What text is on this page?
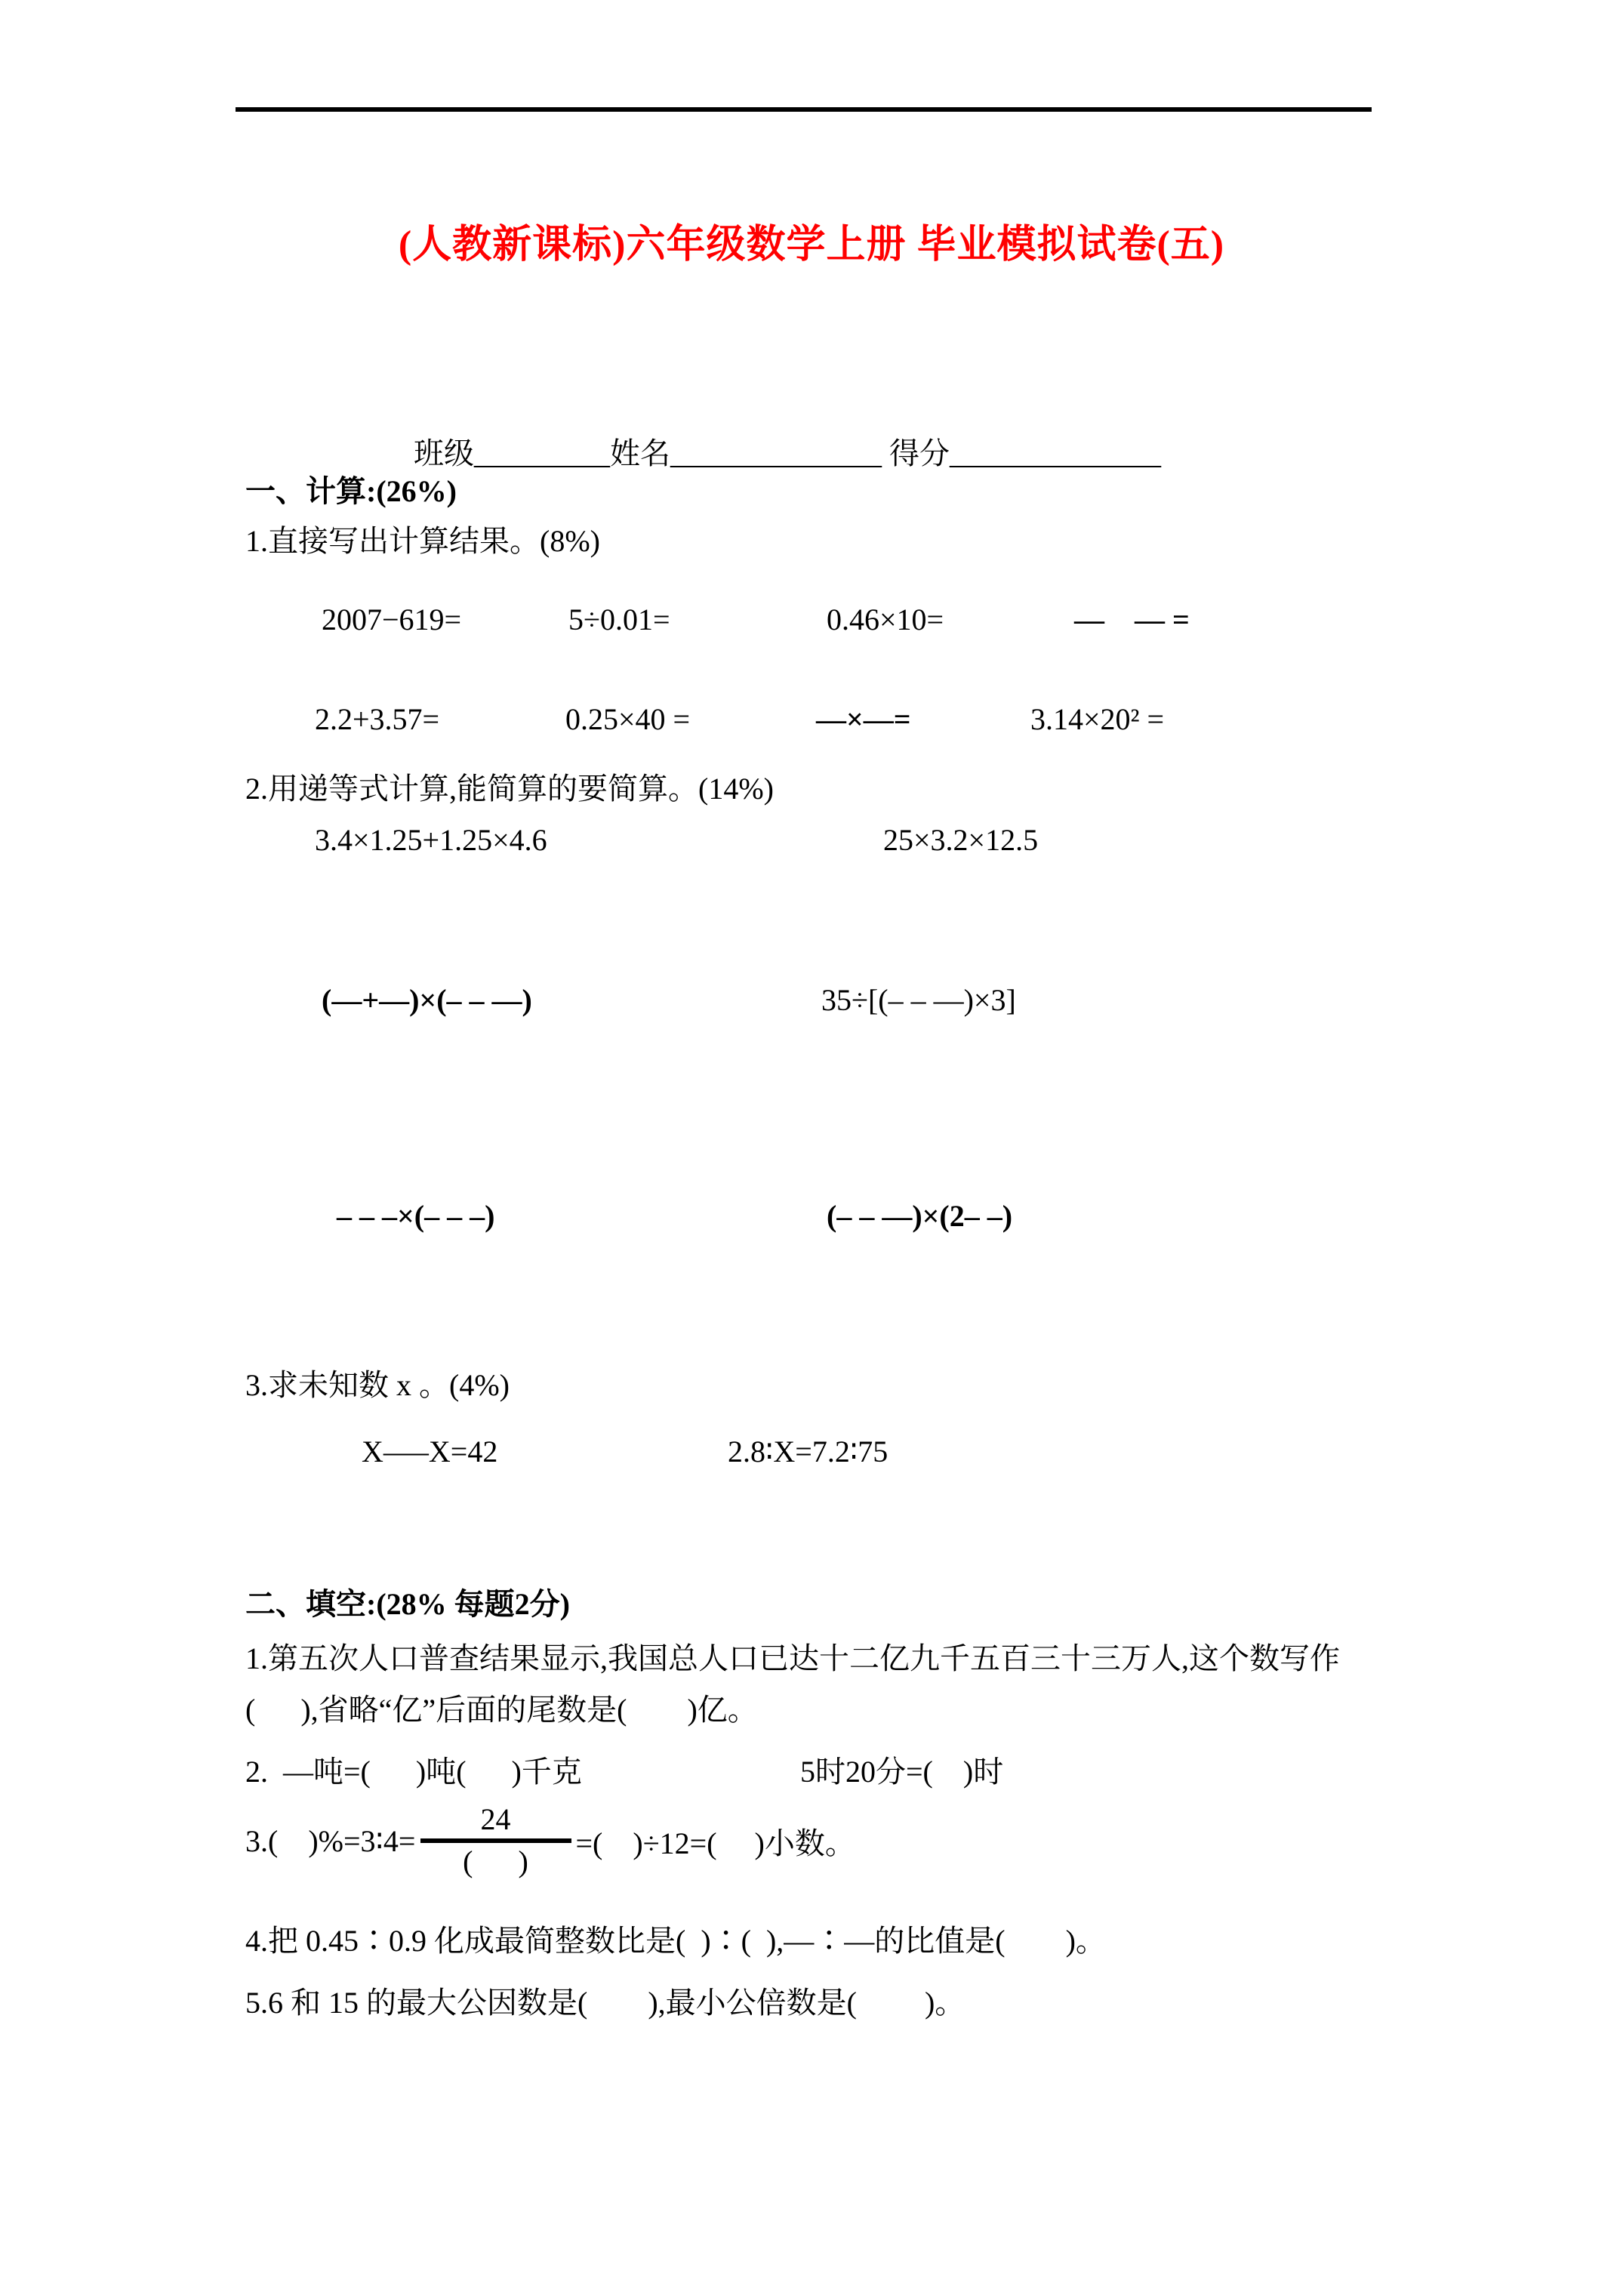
(人教新课标)六年级数学上册 毕业模拟试卷(五)
班级_________姓名______________ 得分______________
一、计算:(26%)
1.直接写出计算结果。(8%)
2007−619=	5÷0.01=	0.46×10=	—　— =
2.2+3.57=	0.25×40 =	—×—=	3.14×20² =
2.用递等式计算,能简算的要简算。(14%)
3.4×1.25+1.25×4.6	25×3.2×12.5
(—+—)×(– – —)	35÷[(– – —)×3]
– – –×(– – –)	(– – —)×(2– –)
3.求未知数 x 。(4%)
X—–X=42	2.8∶X=7.2∶75
二、填空:(28% 每题2分)
1.第五次人口普查结果显示,我国总人口已达十二亿九千五百三十三万人,这个数写作
(      ),省略“亿”后面的尾数是(        )亿。
2.  —吨=(      )吨(      )千克	5时20分=(    )时
3.(    )%=3∶4=
24
(      )
=(    )÷12=(     )小数。
4.把 0.45∶0.9 化成最简整数比是(  )∶(  ),—∶—的比值是(        )。
5.6 和 15 的最大公因数是(        ),最小公倍数是(         )。
